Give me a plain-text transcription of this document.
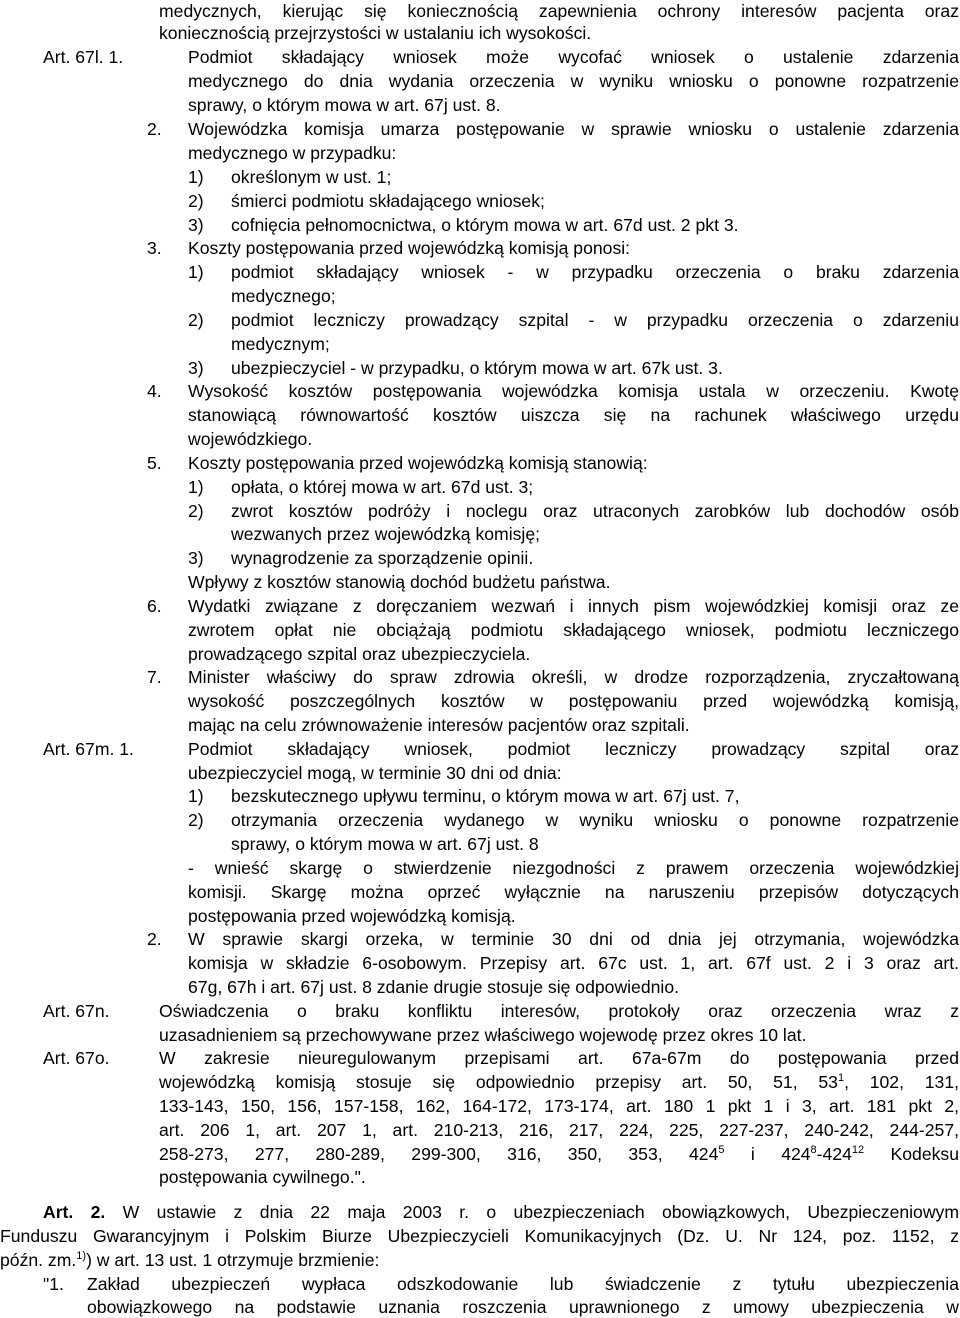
medycznych, kierując się koniecznością zapewnienia ochrony interesów pacjenta oraz
koniecznością przejrzystości w ustalaniu ich wysokości.
Art. 67l. 1.	Podmiot składający wniosek może wycofać wniosek o ustalenie zdarzenia
medycznego do dnia wydania orzeczenia w wyniku wniosku o ponowne rozpatrzenie
sprawy, o którym mowa w art. 67j ust. 8.
2. Wojewódzka komisja umarza postępowanie w sprawie wniosku o ustalenie zdarzenia
medycznego w przypadku:
1) określonym w ust. 1;
2) śmierci podmiotu składającego wniosek;
3) cofnięcia pełnomocnictwa, o którym mowa w art. 67d ust. 2 pkt 3.
3. Koszty postępowania przed wojewódzką komisją ponosi:
1) podmiot składający wniosek - w przypadku orzeczenia o braku zdarzenia
medycznego;
2) podmiot leczniczy prowadzący szpital - w przypadku orzeczenia o zdarzeniu
medycznym;
3) ubezpieczyciel - w przypadku, o którym mowa w art. 67k ust. 3.
4. Wysokość kosztów postępowania wojewódzka komisja ustala w orzeczeniu. Kwotę
stanowiącą równowartość kosztów uiszcza się na rachunek właściwego urzędu
wojewódzkiego.
5. Koszty postępowania przed wojewódzką komisją stanowią:
1) opłata, o której mowa w art. 67d ust. 3;
2) zwrot kosztów podróży i noclegu oraz utraconych zarobków lub dochodów osób
wezwanych przez wojewódzką komisję;
3) wynagrodzenie za sporządzenie opinii.
Wpływy z kosztów stanowią dochód budżetu państwa.
6. Wydatki związane z doręczaniem wezwań i innych pism wojewódzkiej komisji oraz ze
zwrotem opłat nie obciążają podmiotu składającego wniosek, podmiotu leczniczego
prowadzącego szpital oraz ubezpieczyciela.
7. Minister właściwy do spraw zdrowia określi, w drodze rozporządzenia, zryczałtowaną
wysokość poszczególnych kosztów w postępowaniu przed wojewódzką komisją,
mając na celu zrównoważenie interesów pacjentów oraz szpitali.
Art. 67m. 1.	Podmiot składający wniosek, podmiot leczniczy prowadzący szpital oraz
ubezpieczyciel mogą, w terminie 30 dni od dnia:
1) bezskutecznego upływu terminu, o którym mowa w art. 67j ust. 7,
2) otrzymania orzeczenia wydanego w wyniku wniosku o ponowne rozpatrzenie
sprawy, o którym mowa w art. 67j ust. 8
- wnieść skargę o stwierdzenie niezgodności z prawem orzeczenia wojewódzkiej
komisji. Skargę można oprzeć wyłącznie na naruszeniu przepisów dotyczących
postępowania przed wojewódzką komisją.
2. W sprawie skargi orzeka, w terminie 30 dni od dnia jej otrzymania, wojewódzka
komisja w składzie 6-osobowym. Przepisy art. 67c ust. 1, art. 67f ust. 2 i 3 oraz art.
67g, 67h i art. 67j ust. 8 zdanie drugie stosuje się odpowiednio.
Art. 67n.	Oświadczenia o braku konfliktu interesów, protokoły oraz orzeczenia wraz z
uzasadnieniem są przechowywane przez właściwego wojewodę przez okres 10 lat.
Art. 67o.	W zakresie nieuregulowanym przepisami art. 67a-67m do postępowania przed
wojewódzką komisją stosuje się odpowiednio przepisy art. 50, 51, $53^1$, 102, 131,
133-143, 150, 156, 157-158, 162, 164-172, 173-174, art. 180 1 pkt 1 i 3, art. 181 pkt 2,
art. 206 1, art. 207 1, art. 210-213, 216, 217, 224, 225, 227-237, 240-242, 244-257,
258-273, 277, 280-289, 299-300, 316, 350, 353, $424^5$ i $424^8-424^{12}$ Kodeksu
postępowania cywilnego.".
Art. 2. W ustawie z dnia 22 maja 2003 r. o ubezpieczeniach obowiązkowych, Ubezpieczeniowym
Funduszu Gwarancyjnym i Polskim Biurze Ubezpieczycieli Komunikacyjnych (Dz. U. Nr 124, poz. 1152, z
późn. zm.$^{1)}$) w art. 13 ust. 1 otrzymuje brzmienie:
"1. Zakład ubezpieczeń wypłaca odszkodowanie lub świadczenie z tytułu ubezpieczenia
obowiązkowego na podstawie uznania roszczenia uprawnionego z umowy ubezpieczenia w
